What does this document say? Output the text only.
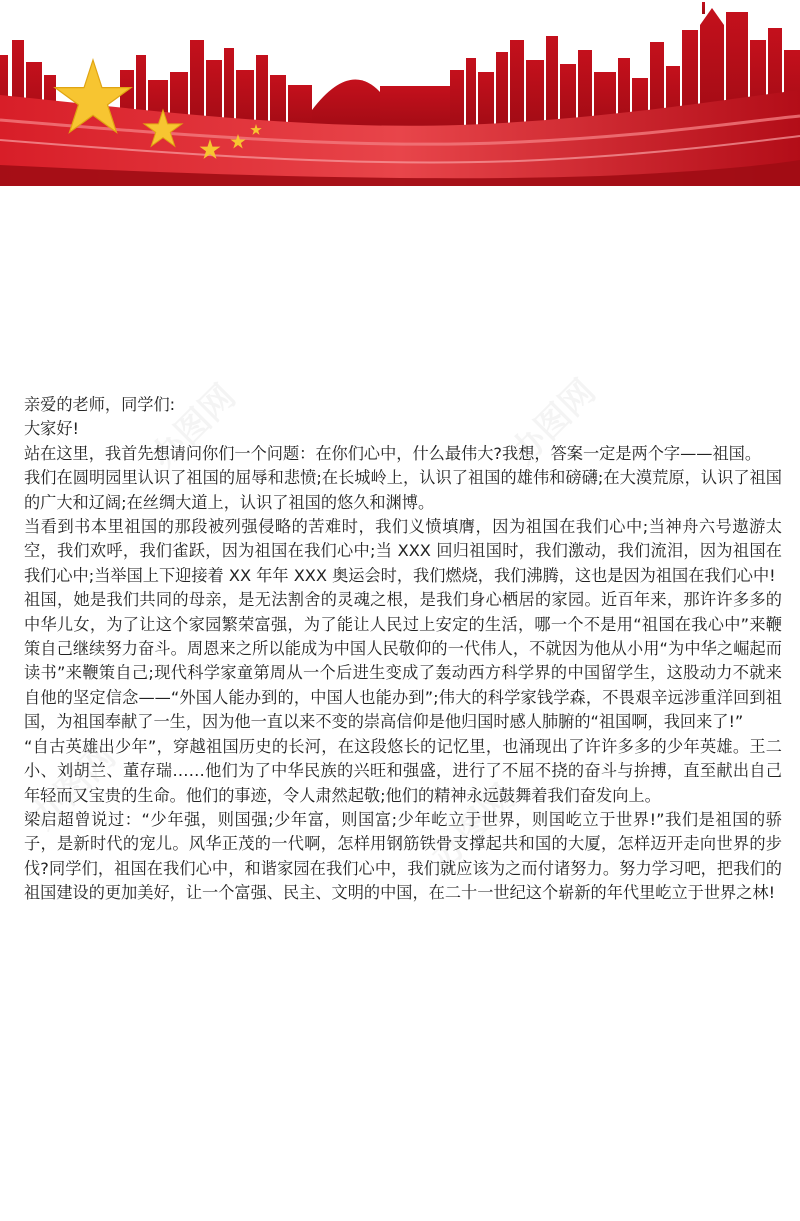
亲爱的老师，同学们:

大家好!

站在这里，我首先想请问你们一个问题：在你们心中，什么最伟大?我想，答案一定是两个字——祖国。

我们在圆明园里认识了祖国的屈辱和悲愤;在长城岭上，认识了祖国的雄伟和磅礴;在大漠荒原，认识了祖国的广大和辽阔;在丝绸大道上，认识了祖国的悠久和渊博。

当看到书本里祖国的那段被列强侵略的苦难时，我们义愤填膺，因为祖国在我们心中;当神舟六号遨游太空，我们欢呼，我们雀跃，因为祖国在我们心中;当 XXX 回归祖国时，我们激动，我们流泪，因为祖国在我们心中;当举国上下迎接着 XX 年年 XXX 奥运会时，我们燃烧，我们沸腾，这也是因为祖国在我们心中!

祖国，她是我们共同的母亲，是无法割舍的灵魂之根，是我们身心栖居的家园。近百年来，那许许多多的中华儿女，为了让这个家园繁荣富强，为了能让人民过上安定的生活，哪一个不是用“祖国在我心中”来鞭策自己继续努力奋斗。周恩来之所以能成为中国人民敬仰的一代伟人，不就因为他从小用“为中华之崛起而读书”来鞭策自己;现代科学家童第周从一个后进生变成了轰动西方科学界的中国留学生，这股动力不就来自他的坚定信念——“外国人能办到的，中国人也能办到”;伟大的科学家钱学森，不畏艰辛远涉重洋回到祖国，为祖国奉献了一生，因为他一直以来不变的崇高信仰是他归国时感人肺腑的“祖国啊，我回来了!”

“自古英雄出少年”，穿越祖国历史的长河，在这段悠长的记忆里，也涌现出了许许多多的少年英雄。王二小、刘胡兰、董存瑞……他们为了中华民族的兴旺和强盛，进行了不屈不挠的奋斗与拚搏，直至献出自己年轻而又宝贵的生命。他们的事迹，令人肃然起敬;他们的精神永远鼓舞着我们奋发向上。

梁启超曾说过：“少年强，则国强;少年富，则国富;少年屹立于世界，则国屹立于世界!”我们是祖国的骄子，是新时代的宠儿。风华正茂的一代啊，怎样用钢筋铁骨支撑起共和国的大厦，怎样迈开走向世界的步伐?同学们，祖国在我们心中，和谐家园在我们心中，我们就应该为之而付诸努力。努力学习吧，把我们的祖国建设的更加美好，让一个富强、民主、文明的中国，在二十一世纪这个崭新的年代里屹立于世界之林!
